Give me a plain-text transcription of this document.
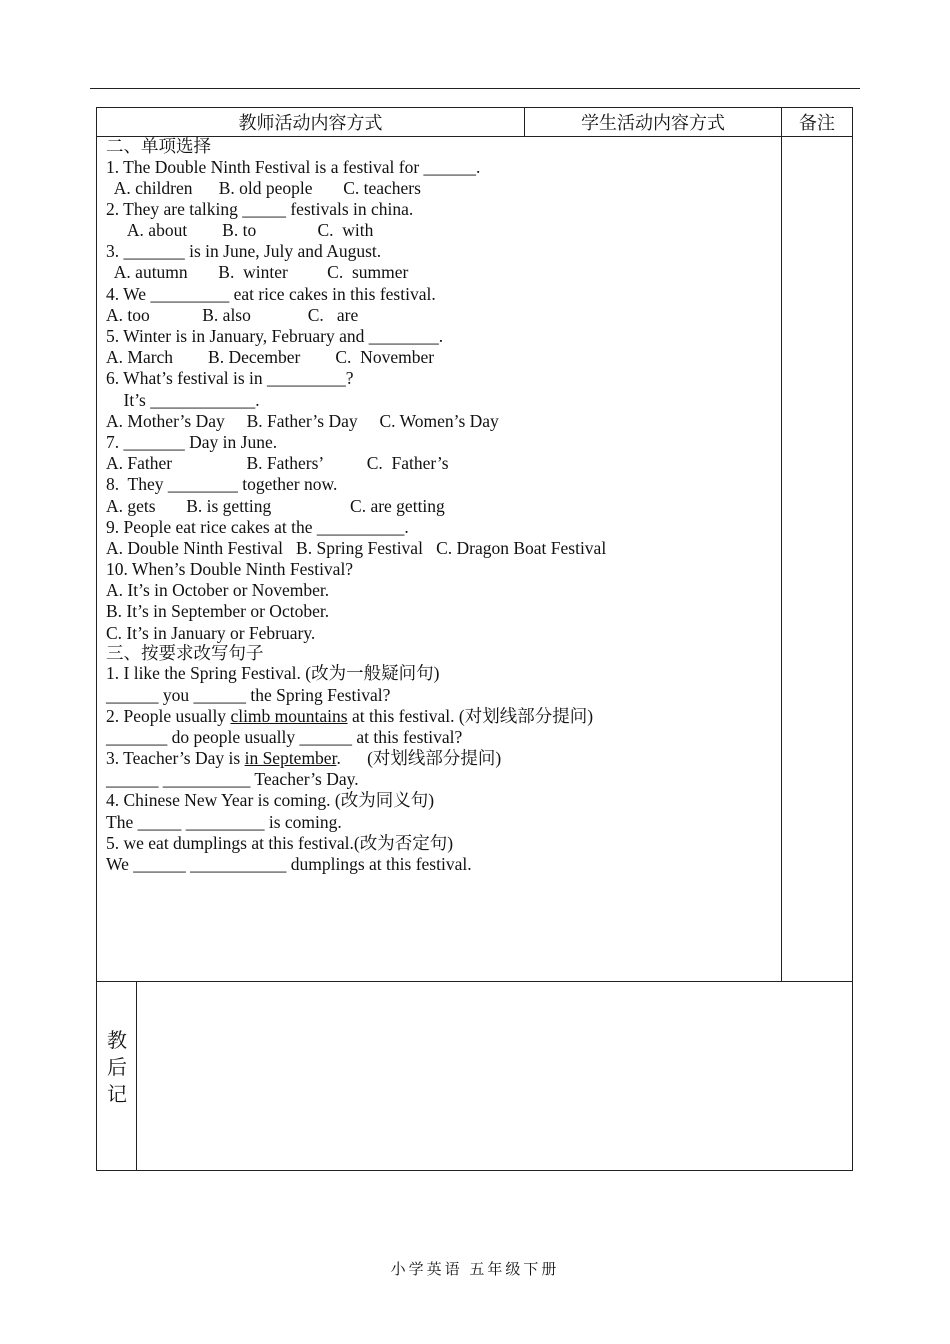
教师活动内容方式	学生活动内容方式	备注
二、单项选择
1. The Double Ninth Festival is a festival for ______.
A. children      B. old people       C. teachers
2. They are talking _____ festivals in china.
A. about        B. to              C.  with
3. _______ is in June, July and August.
A. autumn       B.  winter         C.  summer
4. We _________ eat rice cakes in this festival.
A. too            B. also             C.   are
5. Winter is in January, February and ________.
A. March        B. December        C.  November
6. What’s festival is in _________?
It’s ____________.
A. Mother’s Day     B. Father’s Day     C. Women’s Day
7. _______ Day in June.
A. Father                 B. Fathers’          C.  Father’s
8.  They ________ together now.
A. gets       B. is getting                  C. are getting
9. People eat rice cakes at the __________.
A. Double Ninth Festival   B. Spring Festival   C. Dragon Boat Festival
10. When’s Double Ninth Festival?
A. It’s in October or November.
B. It’s in September or October.
C. It’s in January or February.
三、按要求改写句子
1. I like the Spring Festival. (改为一般疑问句)
______ you ______ the Spring Festival?
2. People usually climb mountains at this festival. (对划线部分提问)
_______ do people usually ______ at this festival?
3. Teacher’s Day is in September.      (对划线部分提问)
______ __________ Teacher’s Day.
4. Chinese New Year is coming. (改为同义句)
The _____ _________ is coming.
5. we eat dumplings at this festival.(改为否定句)
We ______ ___________ dumplings at this festival.
教
后
记
小学英语 五年级下册
